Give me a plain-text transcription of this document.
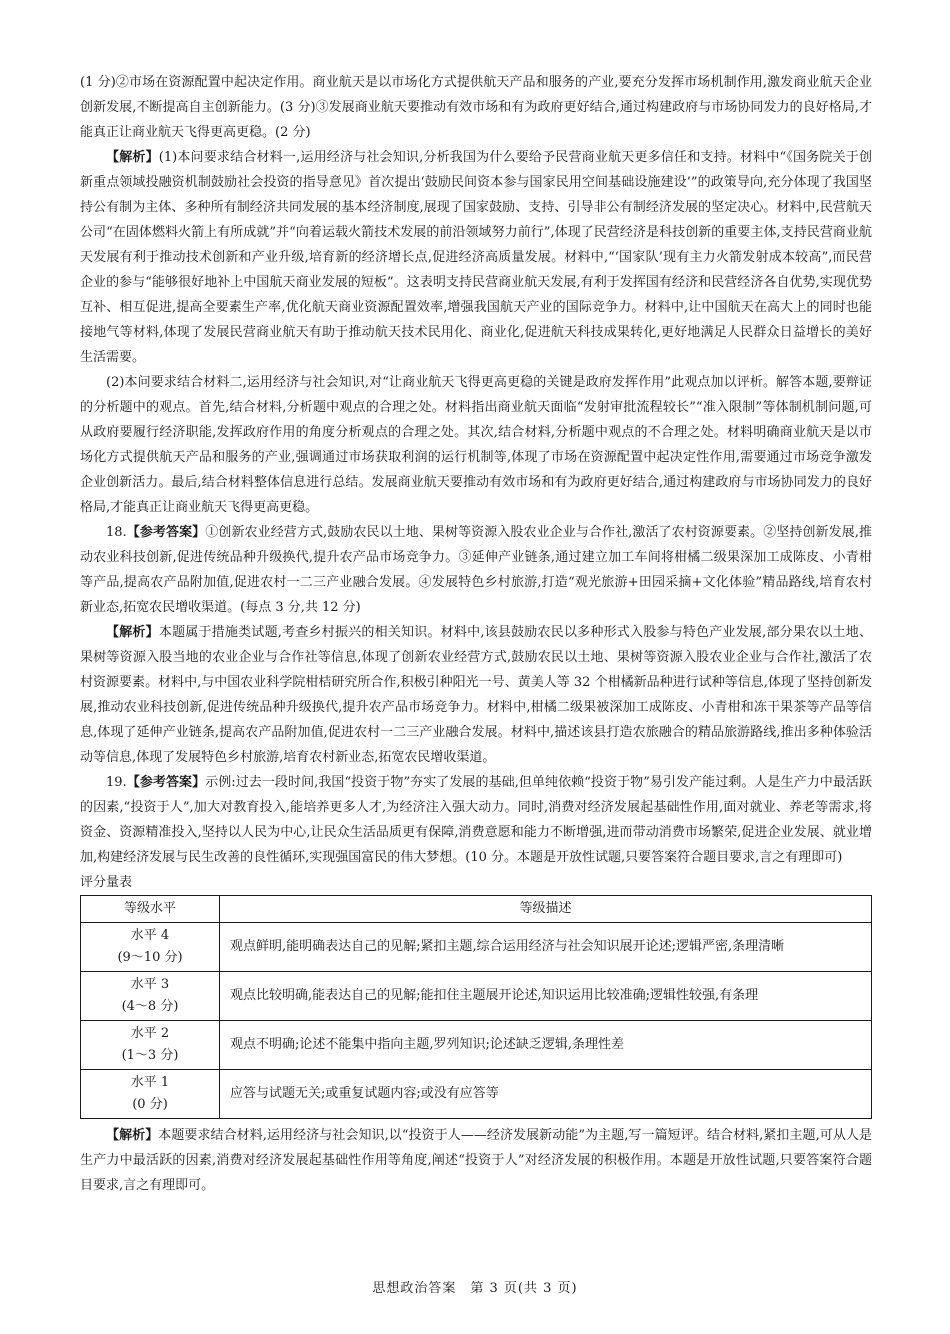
(1 分)②市场在资源配置中起决定作用。商业航天是以市场化方式提供航天产品和服务的产业,要充分发挥市场机制作用,激发商业航天企业创新发展,不断提高自主创新能力。(3 分)③发展商业航天要推动有效市场和有为政府更好结合,通过构建政府与市场协同发力的良好格局,才能真正让商业航天飞得更高更稳。(2 分)

【解析】(1)本问要求结合材料一,运用经济与社会知识,分析我国为什么要给予民营商业航天更多信任和支持。材料中“《国务院关于创新重点领域投融资机制鼓励社会投资的指导意见》首次提出‘鼓励民间资本参与国家民用空间基础设施建设’”的政策导向,充分体现了我国坚持公有制为主体、多种所有制经济共同发展的基本经济制度,展现了国家鼓励、支持、引导非公有制经济发展的坚定决心。材料中,民营航天公司“在固体燃料火箭上有所成就”并“向着运载火箭技术发展的前沿领域努力前行”,体现了民营经济是科技创新的重要主体,支持民营商业航天发展有利于推动技术创新和产业升级,培育新的经济增长点,促进经济高质量发展。材料中,“‘国家队’现有主力火箭发射成本较高”,而民营企业的参与“能够很好地补上中国航天商业发展的短板”。这表明支持民营商业航天发展,有利于发挥国有经济和民营经济各自优势,实现优势互补、相互促进,提高全要素生产率,优化航天商业资源配置效率,增强我国航天产业的国际竞争力。材料中,让中国航天在高大上的同时也能接地气等材料,体现了发展民营商业航天有助于推动航天技术民用化、商业化,促进航天科技成果转化,更好地满足人民群众日益增长的美好生活需要。

(2)本问要求结合材料二,运用经济与社会知识,对“让商业航天飞得更高更稳的关键是政府发挥作用”此观点加以评析。解答本题,要辩证的分析题中的观点。首先,结合材料,分析题中观点的合理之处。材料指出商业航天面临“发射审批流程较长”“准入限制”等体制机制问题,可从政府要履行经济职能,发挥政府作用的角度分析观点的合理之处。其次,结合材料,分析题中观点的不合理之处。材料明确商业航天是以市场化方式提供航天产品和服务的产业,强调通过市场获取利润的运行机制等,体现了市场在资源配置中起决定性作用,需要通过市场竞争激发企业创新活力。最后,结合材料整体信息进行总结。发展商业航天要推动有效市场和有为政府更好结合,通过构建政府与市场协同发力的良好格局,才能真正让商业航天飞得更高更稳。

18.【参考答案】①创新农业经营方式,鼓励农民以土地、果树等资源入股农业企业与合作社,激活了农村资源要素。②坚持创新发展,推动农业科技创新,促进传统品种升级换代,提升农产品市场竞争力。③延伸产业链条,通过建立加工车间将柑橘二级果深加工成陈皮、小青柑等产品,提高农产品附加值,促进农村一二三产业融合发展。④发展特色乡村旅游,打造“观光旅游+田园采摘+文化体验”精品路线,培育农村新业态,拓宽农民增收渠道。(每点 3 分,共 12 分)

【解析】本题属于措施类试题,考查乡村振兴的相关知识。材料中,该县鼓励农民以多种形式入股参与特色产业发展,部分果农以土地、果树等资源入股当地的农业企业与合作社等信息,体现了创新农业经营方式,鼓励农民以土地、果树等资源入股农业企业与合作社,激活了农村资源要素。材料中,与中国农业科学院柑桔研究所合作,积极引种阳光一号、黄美人等 32 个柑橘新品种进行试种等信息,体现了坚持创新发展,推动农业科技创新,促进传统品种升级换代,提升农产品市场竞争力。材料中,柑橘二级果被深加工成陈皮、小青柑和冻干果茶等产品等信息,体现了延伸产业链条,提高农产品附加值,促进农村一二三产业融合发展。材料中,描述该县打造农旅融合的精品旅游路线,推出多种体验活动等信息,体现了发展特色乡村旅游,培育农村新业态,拓宽农民增收渠道。

19.【参考答案】示例:过去一段时间,我国“投资于物”夯实了发展的基础,但单纯依赖“投资于物”易引发产能过剩。人是生产力中最活跃的因素,“投资于人”,加大对教育投入,能培养更多人才,为经济注入强大动力。同时,消费对经济发展起基础性作用,面对就业、养老等需求,将资金、资源精准投入,坚持以人民为中心,让民众生活品质更有保障,消费意愿和能力不断增强,进而带动消费市场繁荣,促进企业发展、就业增加,构建经济发展与民生改善的良性循环,实现强国富民的伟大梦想。(10 分。本题是开放性试题,只要答案符合题目要求,言之有理即可)

评分量表

等级水平	等级描述

水平 4
(9～10 分)	观点鲜明,能明确表达自己的见解;紧扣主题,综合运用经济与社会知识展开论述;逻辑严密,条理清晰

水平 3
(4～8 分)	观点比较明确,能表达自己的见解;能扣住主题展开论述,知识运用比较准确;逻辑性较强,有条理

水平 2
(1～3 分)	观点不明确;论述不能集中指向主题,罗列知识;论述缺乏逻辑,条理性差

水平 1
(0 分)	应答与试题无关;或重复试题内容;或没有应答等

【解析】本题要求结合材料,运用经济与社会知识,以“投资于人——经济发展新动能”为主题,写一篇短评。结合材料,紧扣主题,可从人是生产力中最活跃的因素,消费对经济发展起基础性作用等角度,阐述“投资于人”对经济发展的积极作用。本题是开放性试题,只要答案符合题目要求,言之有理即可。

思想政治答案　第 3 页(共 3 页)
